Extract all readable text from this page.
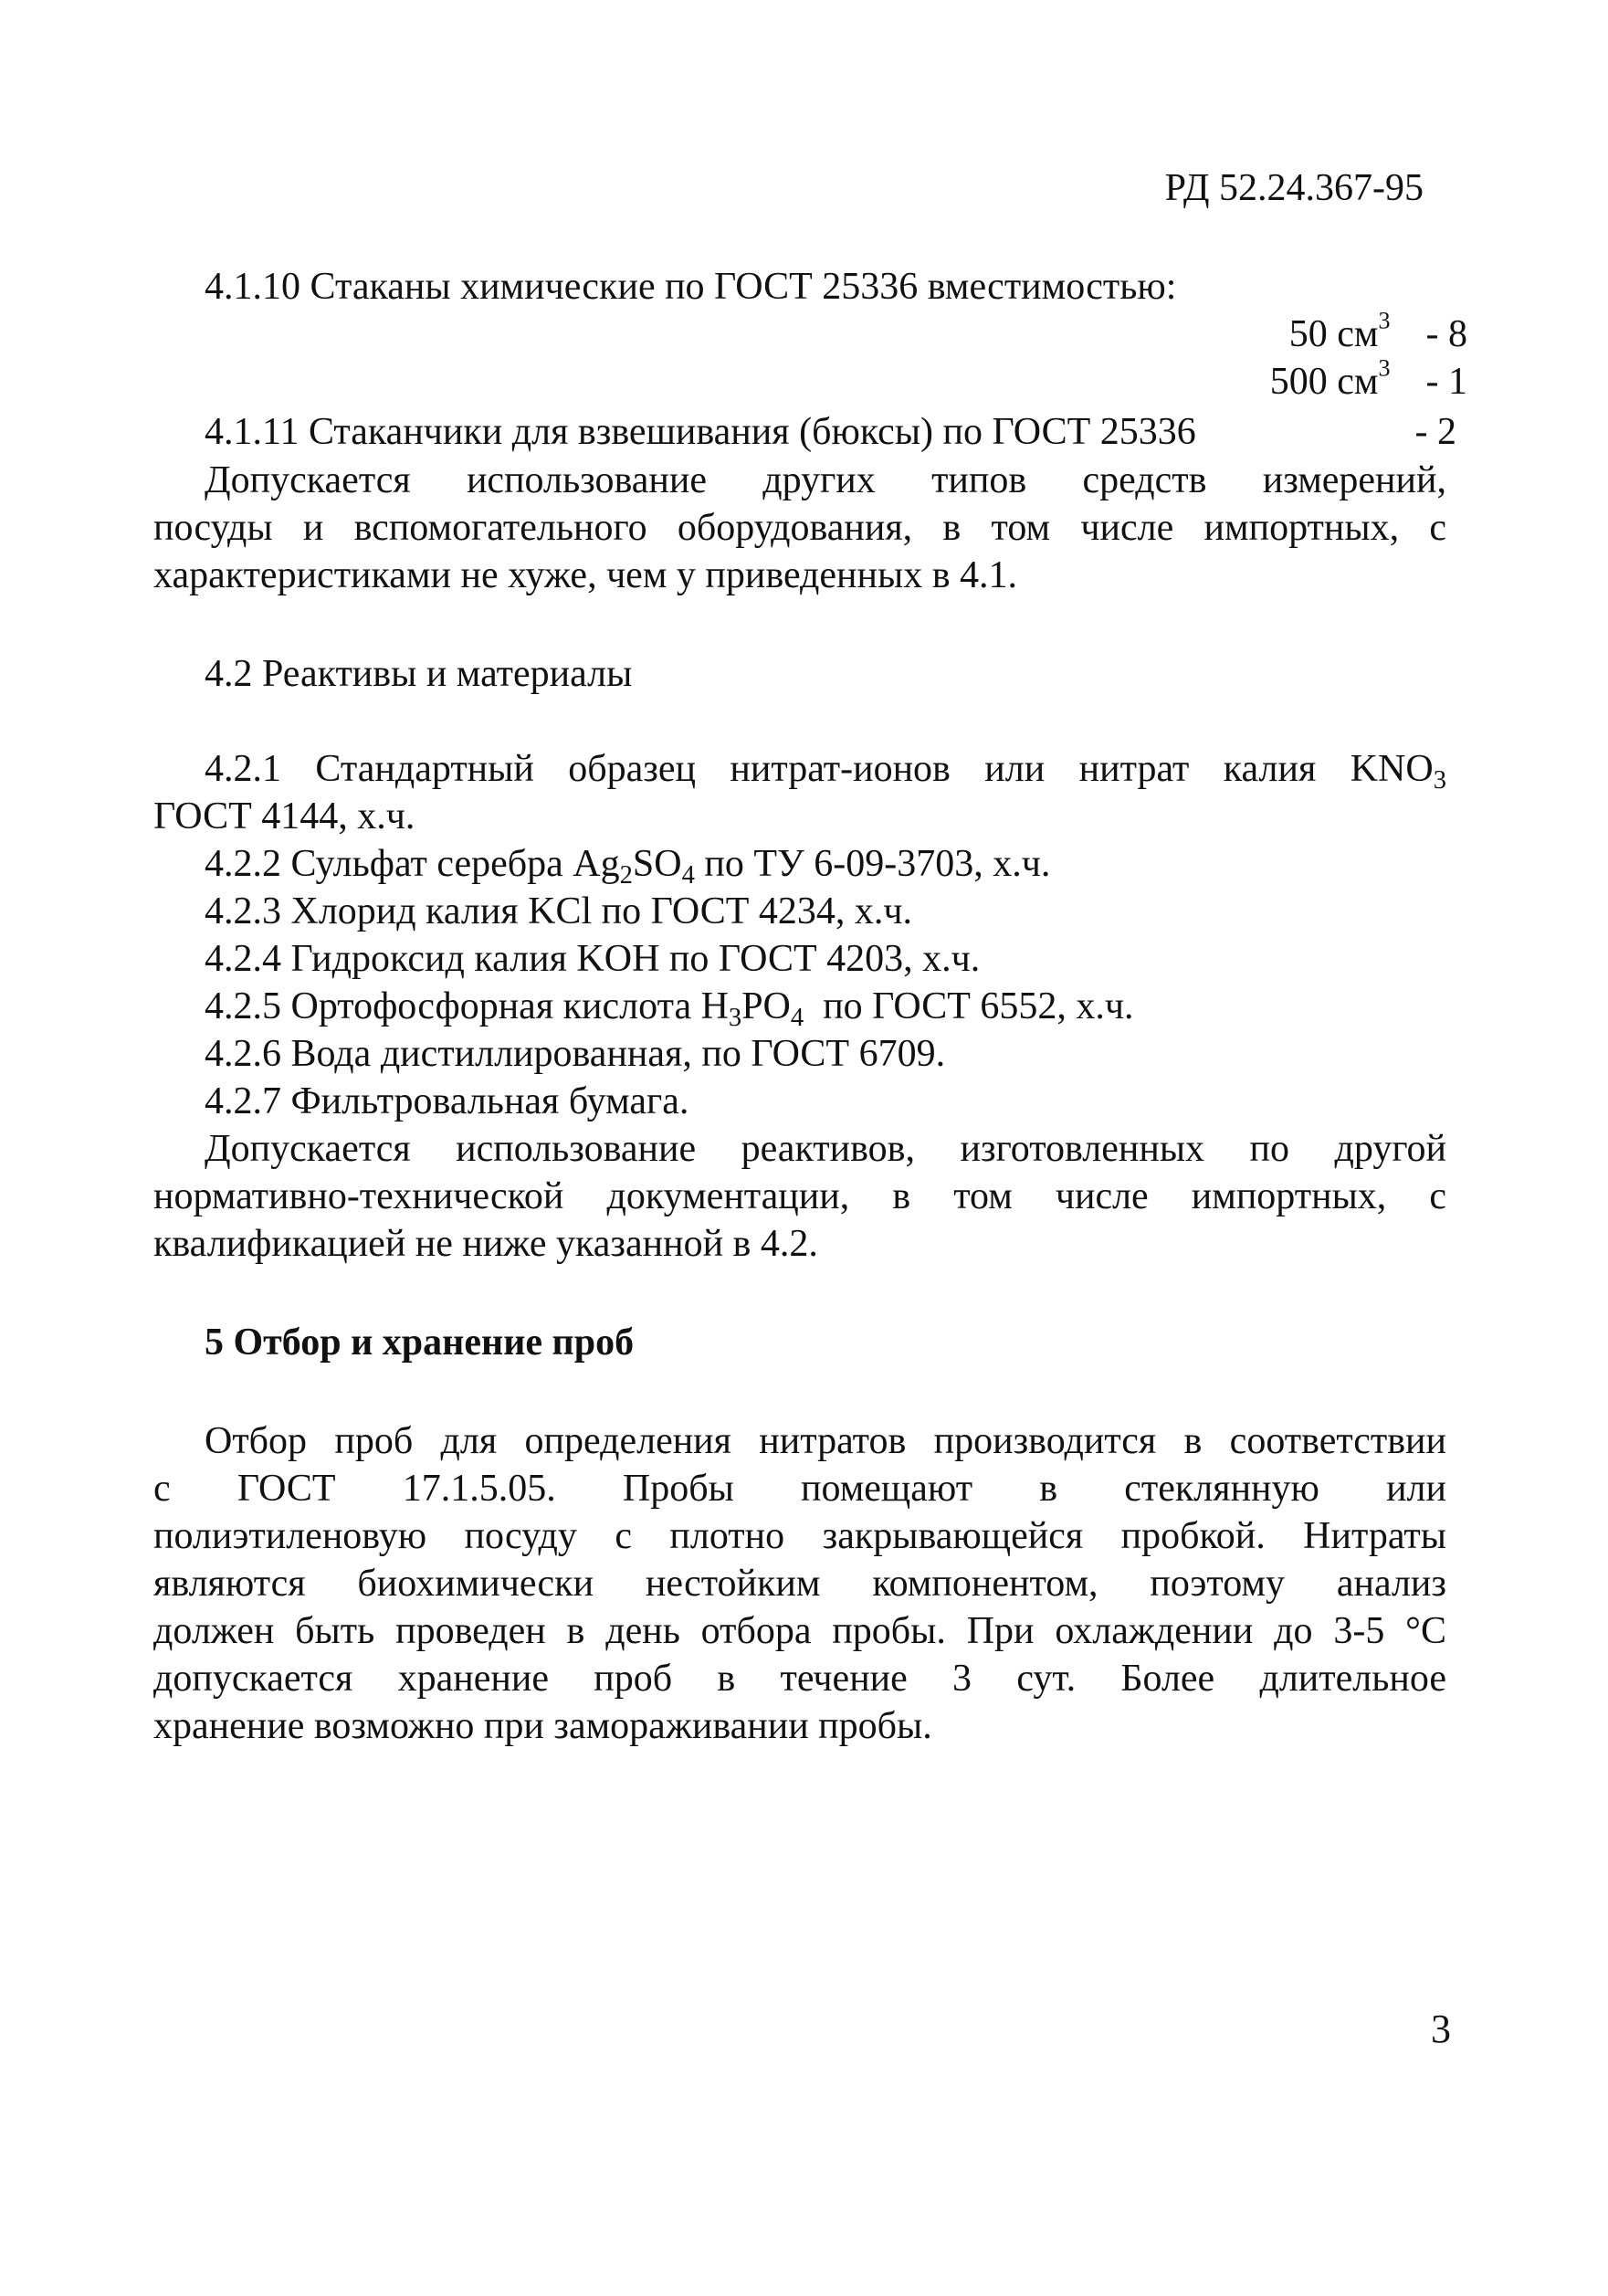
РД 52.24.367-95
4.1.10 Стаканы химические по ГОСТ 25336 вместимостью:
50 $см^3 - 8$
500 $см^3 - 1$
4.1.11 Стаканчики для взвешивания (бюксы) по ГОСТ 25336	- 2
Допускается использование других типов средств измерений,
посуды и вспомогательного оборудования, в том числе импортных, с
характеристиками не хуже, чем у приведенных в 4.1.
4.2 Реактивы и материалы
4.2.1 Стандартный образец нитрат-ионов или нитрат калия $KNO_3$
ГОСТ 4144, х.ч.
4.2.2 Сульфат серебра $Ag_2SO_4$ по ТУ 6-09-3703, х.ч.
4.2.3 Хлорид калия KCl по ГОСТ 4234, х.ч.
4.2.4 Гидроксид калия KOH по ГОСТ 4203, х.ч.
4.2.5 Ортофосфорная кислота $H_3PO_4$  по ГОСТ 6552, х.ч.
4.2.6 Вода дистиллированная, по ГОСТ 6709.
4.2.7 Фильтровальная бумага.
Допускается использование реактивов, изготовленных по другой
нормативно-технической документации, в том числе импортных, с
квалификацией не ниже указанной в 4.2.
5 Отбор и хранение проб
Отбор проб для определения нитратов производится в соответствии
с ГОСТ 17.1.5.05. Пробы помещают в стеклянную или
полиэтиленовую посуду с плотно закрывающейся пробкой. Нитраты
являются биохимически нестойким компонентом, поэтому анализ
должен быть проведен в день отбора пробы. При охлаждении до 3-5 °С
допускается хранение проб в течение 3 сут. Более длительное
хранение возможно при замораживании пробы.
3
